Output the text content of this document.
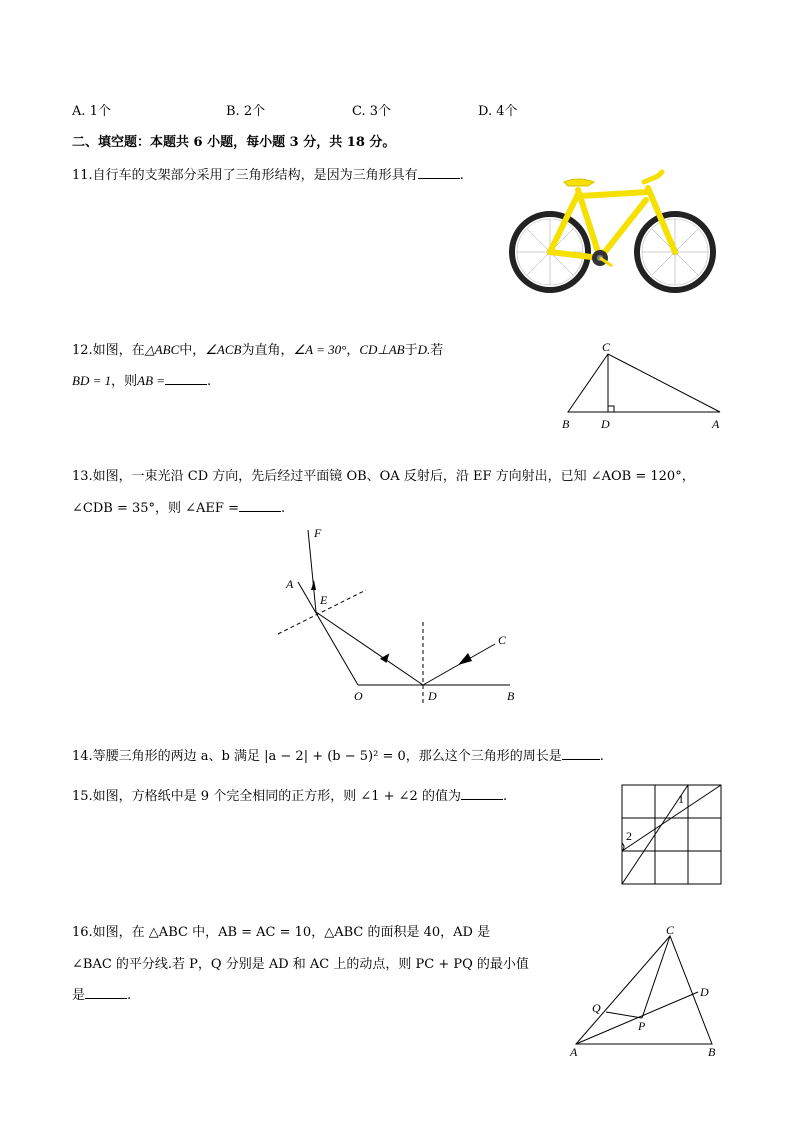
A. 1个	B. 2个	C. 3个	D. 4个
二、填空题：本题共 6 小题，每小题 3 分，共 18 分。
11.自行车的支架部分采用了三角形结构，是因为三角形具有	.
12.如图，在△ABC中，∠ACB为直角，∠A = 30°，CD⊥AB于D.若
BD = 1，则AB =	.
C
B	D	A
13.如图，一束光沿 CD 方向，先后经过平面镜 OB、OA 反射后，沿 EF 方向射出，已知 ∠AOB = 120°，
∠CDB = 35°，则 ∠AEF =	.
F
A
E
C
O	D	B
14.等腰三角形的两边 a、b 满足 |a − 2| + (b − 5)² = 0，那么这个三角形的周长是	.
15.如图，方格纸中是 9 个完全相同的正方形，则 ∠1 + ∠2 的值为	.	1
2
16.如图，在 △ABC 中，AB = AC = 10，△ABC 的面积是 40，AD 是
∠BAC 的平分线.若 P，Q 分别是 AD 和 AC 上的动点，则 PC + PQ 的最小值
是	.
C
D
Q
P
A	B
